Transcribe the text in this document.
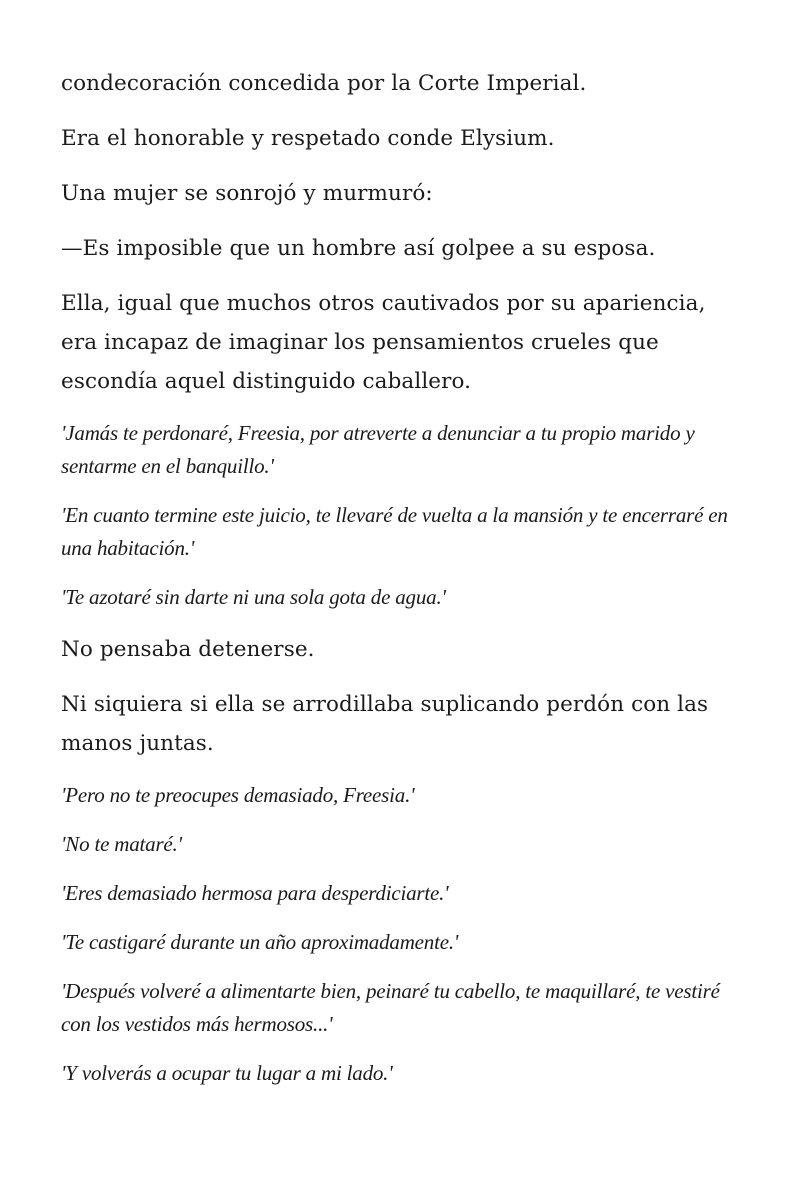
condecoración concedida por la Corte Imperial.

Era el honorable y respetado conde Elysium.

Una mujer se sonrojó y murmuró:

—Es imposible que un hombre así golpee a su esposa.

Ella, igual que muchos otros cautivados por su apariencia, era incapaz de imaginar los pensamientos crueles que escondía aquel distinguido caballero.

'Jamás te perdonaré, Freesia, por atreverte a denunciar a tu propio marido y sentarme en el banquillo.'

'En cuanto termine este juicio, te llevaré de vuelta a la mansión y te encerraré en una habitación.'

'Te azotaré sin darte ni una sola gota de agua.'

No pensaba detenerse.

Ni siquiera si ella se arrodillaba suplicando perdón con las manos juntas.

'Pero no te preocupes demasiado, Freesia.'

'No te mataré.'

'Eres demasiado hermosa para desperdiciarte.'

'Te castigaré durante un año aproximadamente.'

'Después volveré a alimentarte bien, peinaré tu cabello, te maquillaré, te vestiré con los vestidos más hermosos...'

'Y volverás a ocupar tu lugar a mi lado.'
